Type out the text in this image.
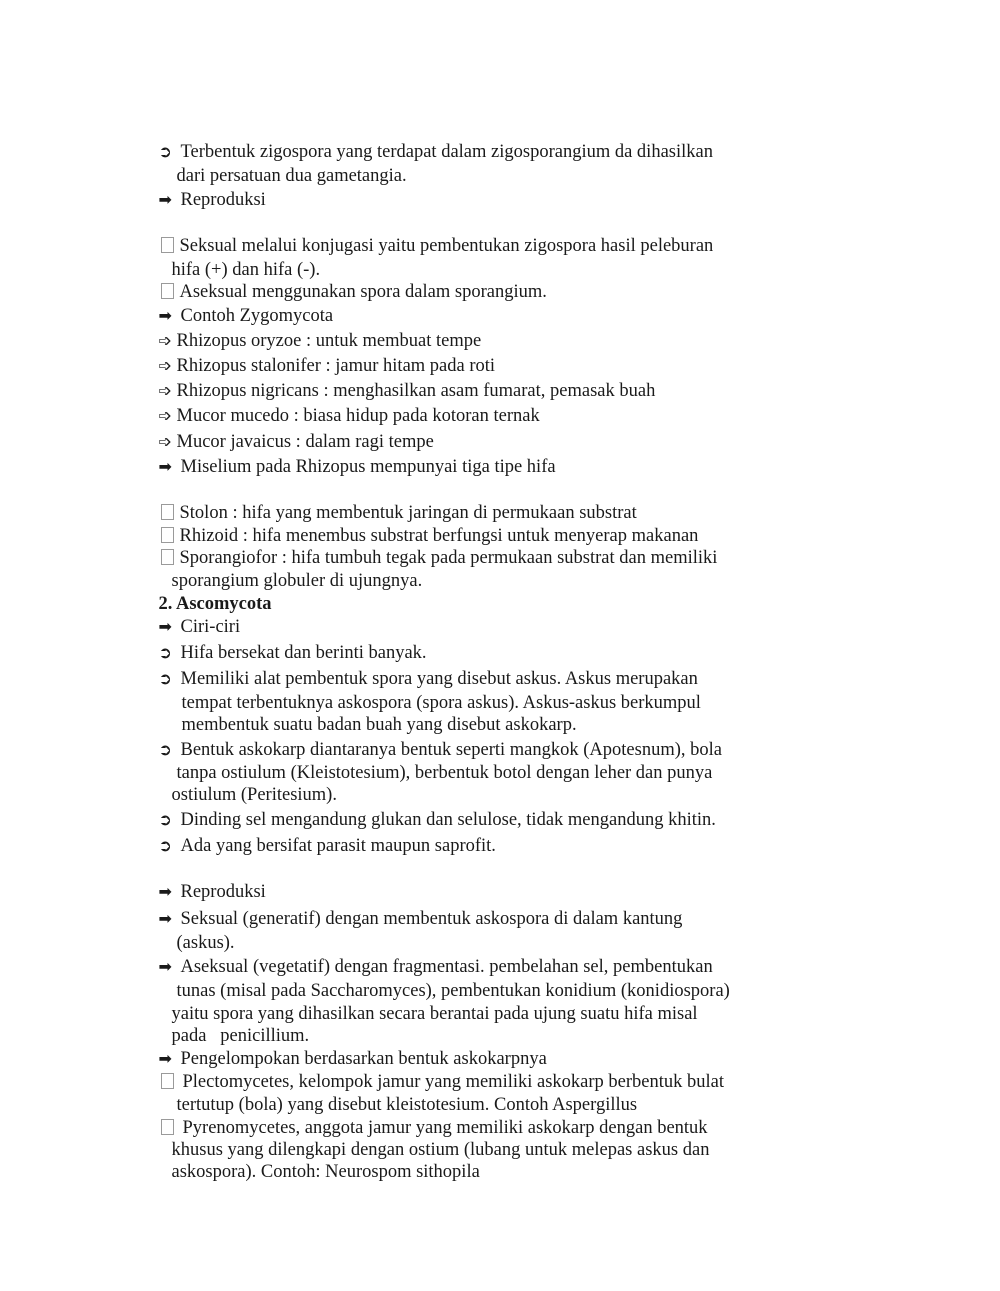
➲ Terbentuk zigospora yang terdapat dalam zigosporangium da dihasilkan

dari persatuan dua gametangia.

➡ Reproduksi

Seksual melalui konjugasi yaitu pembentukan zigospora hasil peleburan

hifa (+) dan hifa (-).

Aseksual menggunakan spora dalam sporangium.

➡ Contoh Zygomycota

➩ Rhizopus oryzoe : untuk membuat tempe

➩ Rhizopus stalonifer : jamur hitam pada roti

➩ Rhizopus nigricans : menghasilkan asam fumarat, pemasak buah

➩ Mucor mucedo : biasa hidup pada kotoran ternak

➩ Mucor javaicus : dalam ragi tempe

➡ Miselium pada Rhizopus mempunyai tiga tipe hifa

Stolon : hifa yang membentuk jaringan di permukaan substrat

Rhizoid : hifa menembus substrat berfungsi untuk menyerap makanan

Sporangiofor : hifa tumbuh tegak pada permukaan substrat dan memiliki

sporangium globuler di ujungnya.

2. Ascomycota

➡ Ciri-ciri

➲ Hifa bersekat dan berinti banyak.

➲ Memiliki alat pembentuk spora yang disebut askus. Askus merupakan

tempat terbentuknya askospora (spora askus). Askus-askus berkumpul

membentuk suatu badan buah yang disebut askokarp.

➲ Bentuk askokarp diantaranya bentuk seperti mangkok (Apotesnum), bola

tanpa ostiulum (Kleistotesium), berbentuk botol dengan leher dan punya

ostiulum (Peritesium).

➲ Dinding sel mengandung glukan dan selulose, tidak mengandung khitin.

➲ Ada yang bersifat parasit maupun saprofit.

➡ Reproduksi

➡ Seksual (generatif) dengan membentuk askospora di dalam kantung

(askus).

➡ Aseksual (vegetatif) dengan fragmentasi. pembelahan sel, pembentukan

tunas (misal pada Saccharomyces), pembentukan konidium (konidiospora)

yaitu spora yang dihasilkan secara berantai pada ujung suatu hifa misal

pada   penicillium.

➡ Pengelompokan berdasarkan bentuk askokarpnya

Plectomycetes, kelompok jamur yang memiliki askokarp berbentuk bulat

tertutup (bola) yang disebut kleistotesium. Contoh Aspergillus

Pyrenomycetes, anggota jamur yang memiliki askokarp dengan bentuk

khusus yang dilengkapi dengan ostium (lubang untuk melepas askus dan

askospora). Contoh: Neurospom sithopila
